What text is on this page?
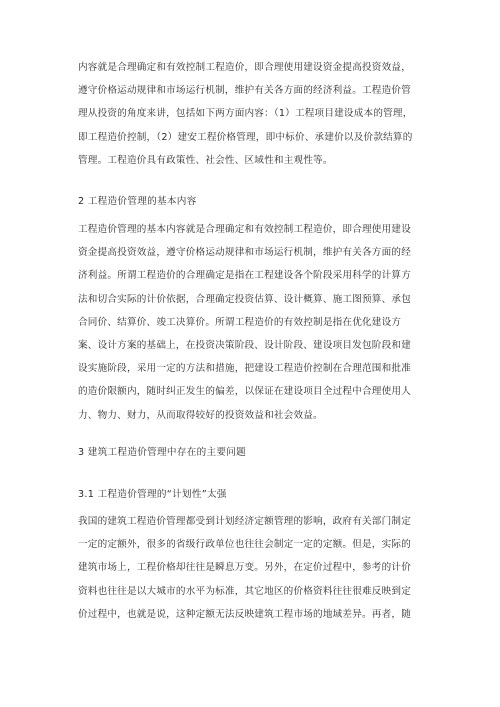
内容就是合理确定和有效控制工程造价，即合理使用建设资金提高投资效益，
遵守价格运动规律和市场运行机制，维护有关各方面的经济利益。工程造价管
理从投资的角度来讲，包括如下两方面内容：（1）工程项目建设成本的管理，
即工程造价控制，（2）建安工程价格管理，即中标价、承建价以及价款结算的
管理。工程造价具有政策性、社会性、区域性和主观性等。
2 工程造价管理的基本内容
工程造价管理的基本内容就是合理确定和有效控制工程造价，即合理使用建设
资金提高投资效益，遵守价格运动规律和市场运行机制，维护有关各方面的经
济利益。所谓工程造价的合理确定是指在工程建设各个阶段采用科学的计算方
法和切合实际的计价依据，合理确定投资估算、设计概算、施工图预算、承包
合同价、结算价、竣工决算价。所谓工程造价的有效控制是指在优化建设方
案、设计方案的基础上，在投资决策阶段、设计阶段、建设项目发包阶段和建
设实施阶段，采用一定的方法和措施，把建设工程造价控制在合理范围和批准
的造价限额内，随时纠正发生的偏差，以保证在建设项目全过程中合理使用人
力、物力、财力，从而取得较好的投资效益和社会效益。
3 建筑工程造价管理中存在的主要问题
3.1 工程造价管理的“计划性”太强
我国的建筑工程造价管理都受到计划经济定额管理的影响，政府有关部门制定
一定的定额外，很多的省级行政单位也往往会制定一定的定额。但是，实际的
建筑市场上，工程价格却往往是瞬息万变。另外，在定价过程中，参考的计价
资料也往往是以大城市的水平为标准，其它地区的价格资料往往很难反映到定
价过程中，也就是说，这种定额无法反映建筑工程市场的地域差异。再者，随
